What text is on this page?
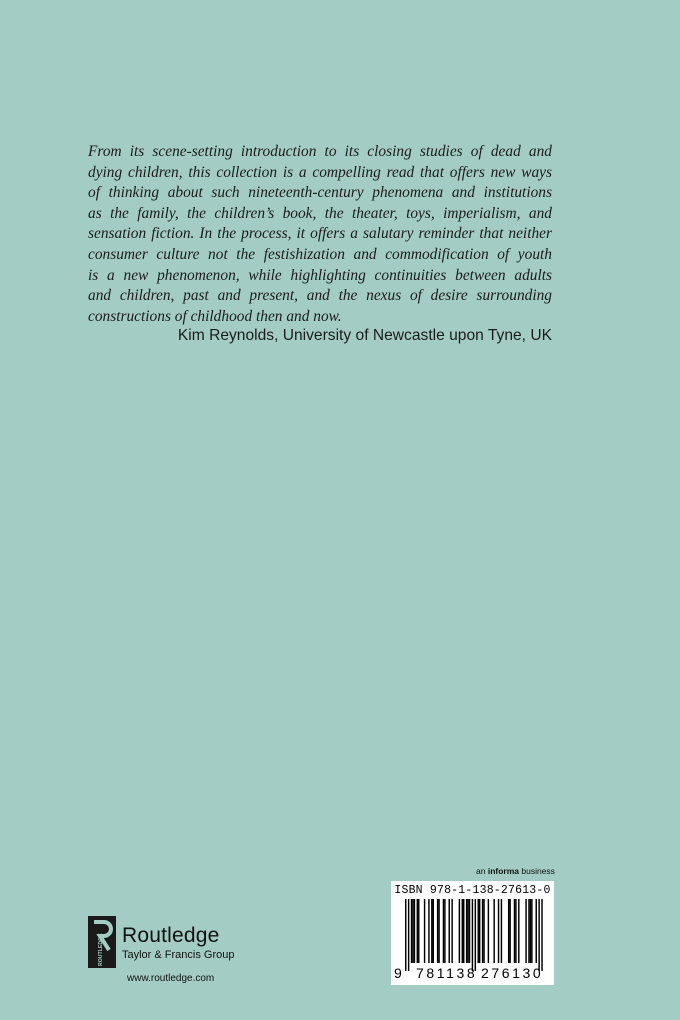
From its scene-setting introduction to its closing studies of dead and
dying children, this collection is a compelling read that offers new ways
of thinking about such nineteenth-century phenomena and institutions
as the family, the children’s book, the theater, toys, imperialism, and
sensation fiction. In the process, it offers a salutary reminder that neither
consumer culture not the festishization and commodification of youth
is a new phenomenon, while highlighting continuities between adults
and children, past and present, and the nexus of desire surrounding
constructions of childhood then and now.
Kim Reynolds, University of Newcastle upon Tyne, UK
an informa business
ISBN 978-1-138-27613-0
9 781138 276130
ROUTLEDGE Routledge
Taylor & Francis Group
www.routledge.com
